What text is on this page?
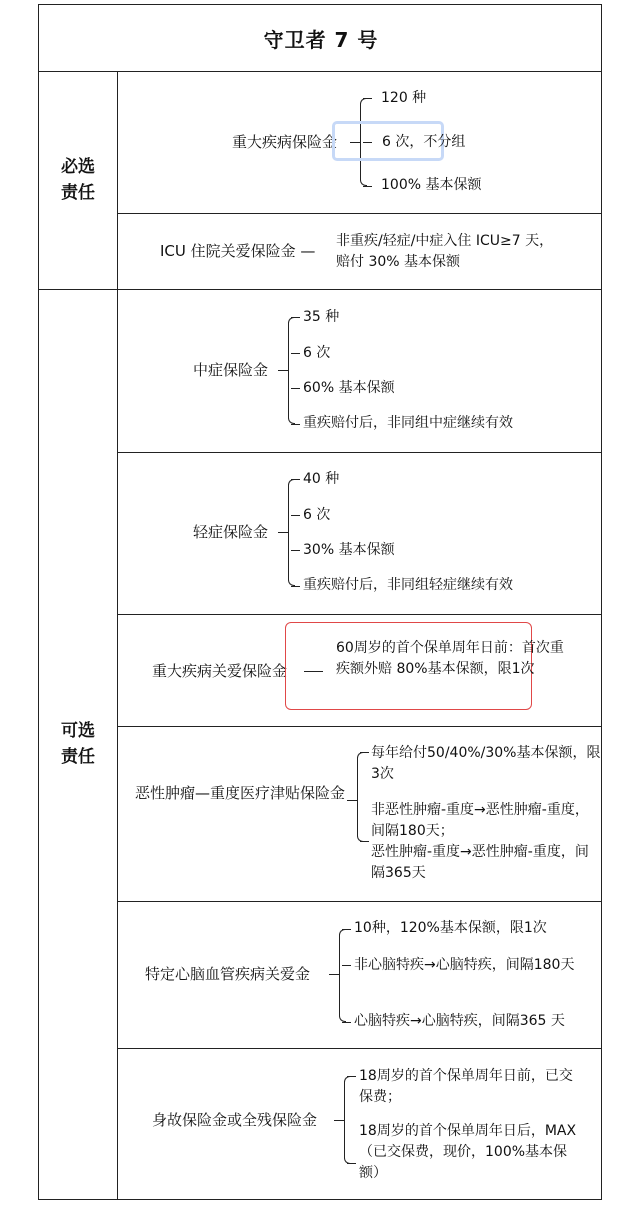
守卫者 7 号
必选
责任
可选
责任
重大疾病保险金
120 种
6 次，不分组
100% 基本保额
ICU 住院关爱保险金 —
非重疾/轻症/中症入住 ICU≥7 天，
赔付 30% 基本保额
中症保险金
35 种
6 次
60% 基本保额
重疾赔付后，非同组中症继续有效
轻症保险金
40 种
6 次
30% 基本保额
重疾赔付后，非同组轻症继续有效
重大疾病关爱保险金
60周岁的首个保单周年日前：首次重疾额外赔 80%基本保额，限1次
恶性肿瘤—重度医疗津贴保险金
每年给付50/40%/30%基本保额，限3次
非恶性肿瘤-重度→恶性肿瘤-重度，间隔180天；
恶性肿瘤-重度→恶性肿瘤-重度，间隔365天
特定心脑血管疾病关爱金
10种，120%基本保额，限1次
非心脑特疾→心脑特疾，间隔180天
心脑特疾→心脑特疾，间隔365 天
身故保险金或全残保险金
18周岁的首个保单周年日前，已交保费；
18周岁的首个保单周年日后，MAX（已交保费，现价，100%基本保额）
